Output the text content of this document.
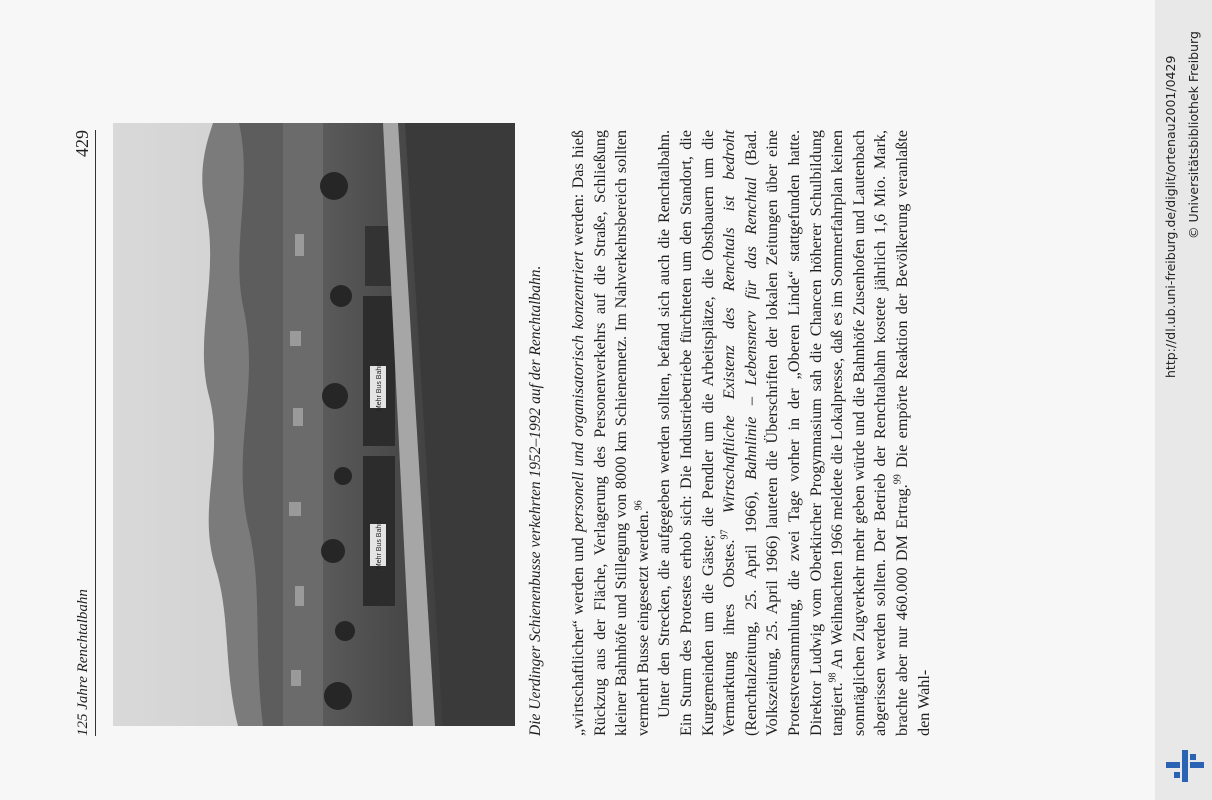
125 Jahre Renchtalbahn
429
Mehr Bus Bahn
Mehr Bus Bahn	Die Uerdinger Schienenbusse verkehrten 1952–1992 auf der Renchtalbahn. „wirtschaftlicher“ werden und personell und organisatorisch konzentriert werden: Das hieß Rückzug aus der Fläche, Verlagerung des Personenverkehrs auf die Straße, Schließung kleiner Bahnhöfe und Stillegung von 8000 km Schienennetz. Im Nahverkehrsbereich sollten vermehrt Busse eingesetzt werden.$^{96}$ Unter den Strecken, die aufgegeben werden sollten, befand sich auch die Renchtalbahn. Ein Sturm des Protestes erhob sich: Die Industriebetriebe fürchteten um den Standort, die Kurgemeinden um die Gäste; die Pendler um die Arbeitsplätze, die Obstbauern um die Vermarktung ihres Obstes.$^{97}$ Wirtschaftliche Existenz des Renchtals ist bedroht (Renchtalzeitung, 25. April 1966), Bahnlinie – Lebensnerv für das Renchtal (Bad. Volkszeitung, 25. April 1966) lauteten die Überschriften der lokalen Zeitungen über eine Protestversammlung, die zwei Tage vorher in der „Oberen Linde“ stattgefunden hatte. Direktor Ludwig vom Oberkircher Progymnasium sah die Chancen höherer Schulbildung tangiert.$^{98}$ An Weihnachten 1966 meldete die Lokalpresse, daß es im Sommerfahrplan keinen sonntäglichen Zugverkehr mehr geben würde und die Bahnhöfe Zusenhofen und Lautenbach abgerissen werden sollten. Der Betrieb der Renchtalbahn kostete jährlich 1,6 Mio. Mark, brachte aber nur 460.000 DM Ertrag.$^{99}$ Die empörte Reaktion der Bevölkerung veranlaßte den Wahl-

http://dl.ub.uni-freiburg.de/diglit/ortenau2001/0429 © Universitätsbibliothek Freiburg
